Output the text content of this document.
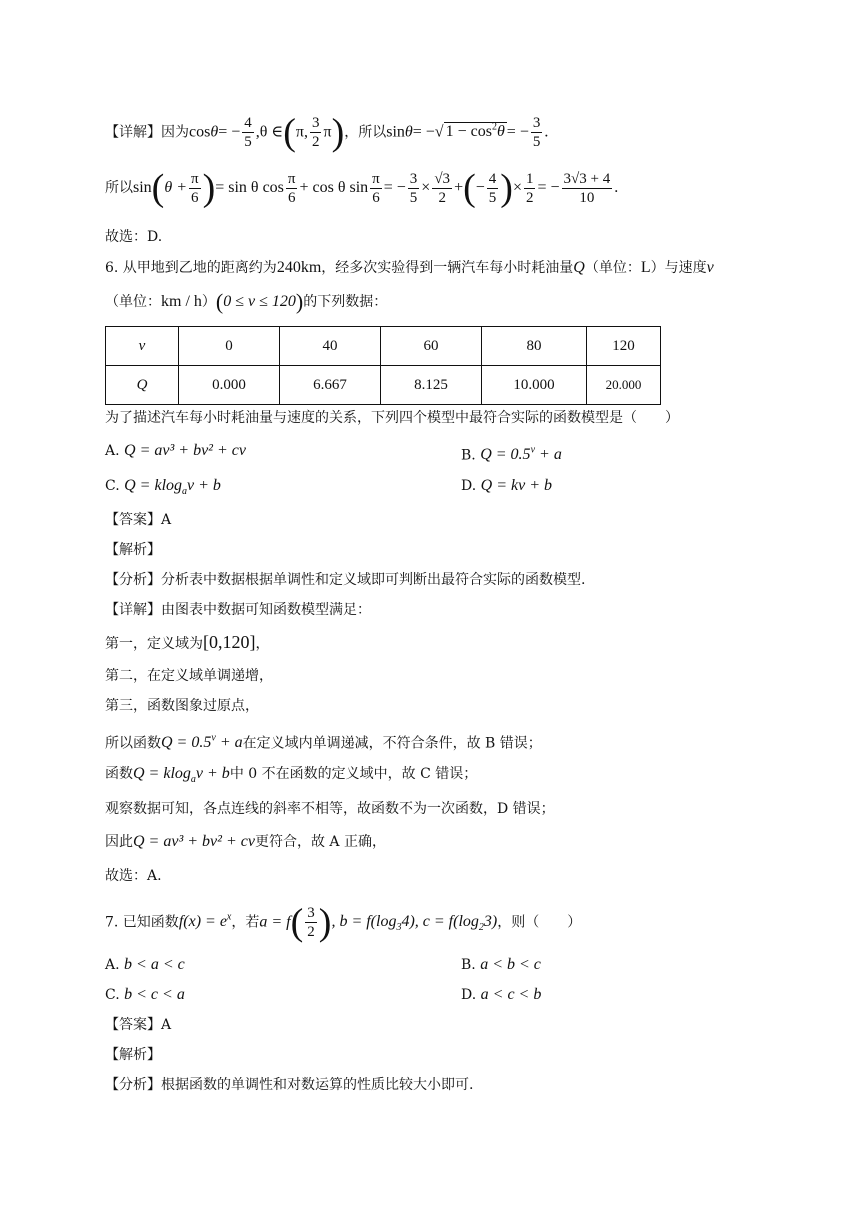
【详解】因为$\cos\theta= - \frac{4}{5} ,\theta$ ∈(π, $\frac{3}{2} \pi$)，所以sinθ= −√ $1 - \cos^2\theta$ = − $\frac{3}{5}$ .
所以$\sin(\theta + \frac{\pi}{6}$ )= sin θ $\cos \frac{\pi}{6} + \cos \theta$ $\sin \frac{\pi}{6}$ = − $\frac{3}{5} \times \frac{√3}{2}$ +(− $\frac{4}{5}$ )× $\frac{1}{2}$ = − $\frac{3√3 + 4}{10}$ .
故选：D.
6. 从甲地到乙地的距离约为240km，经多次实验得到一辆汽车每小时耗油量Q（单位：L）与速度v
（单位：km / h）(0 ≤ v ≤ 120)的下列数据：
v	0	40	60	80	120
Q	0.000	6.667	8.125	10.000	20.000
为了描述汽车每小时耗油量与速度的关系，下列四个模型中最符合实际的函数模型是（　　）
A. Q = av³ + bv² + cv	B. $Q = 0.5^v + a$
C. Q = klog$_a$v + b	D. Q = kv + b
【答案】A
【解析】
【分析】分析表中数据根据单调性和定义域即可判断出最符合实际的函数模型.
【详解】由图表中数据可知函数模型满足：
第一，定义域为[0,120]，
第二，在定义域单调递增，
第三，函数图象过原点，
所以函数$Q = 0.5^v + a$在定义域内单调递减，不符合条件，故 B 错误；
函数Q = klog$_a$v + b中 0 不在函数的定义域中，故 C 错误；
观察数据可知，各点连线的斜率不相等，故函数不为一次函数，D 错误；
因此Q = av³ + bv² + cv更符合，故 A 正确，
故选：A.
7. 已知函数$f(x) = e^x$，若$a = f( \frac{3}{2}$ ), $b = f(\log_34)$, $c = f(\log_23)$，则（　　）
A. b < a < c	B. a < b < c
C. b < c < a	D. a < c < b
【答案】A
【解析】
【分析】根据函数的单调性和对数运算的性质比较大小即可.
